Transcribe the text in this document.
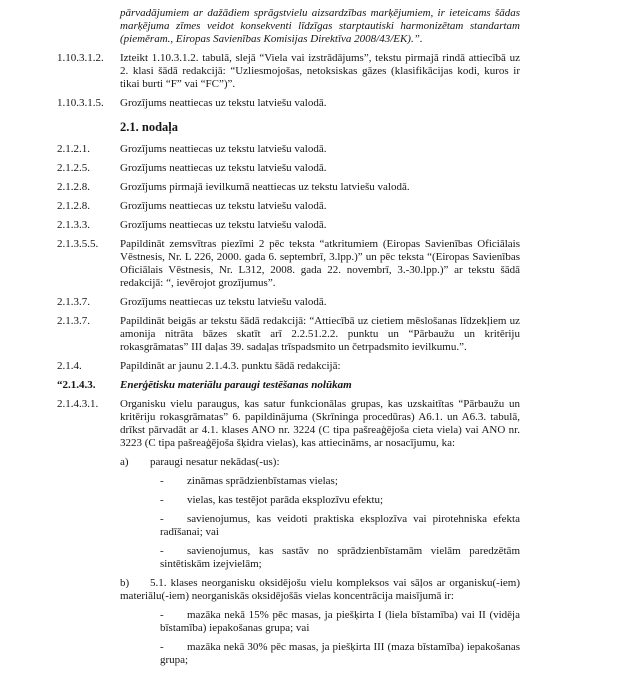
pārvadājumiem ar dažādiem sprāgstvielu aizsardzības marķējumiem, ir ieteicams šādas marķējuma zīmes veidot konsekventi līdzīgas starptautiski harmonizētam standartam (piemēram., Eiropas Savienības Komisijas Direktīva 2008/43/EK).”.
1.10.3.1.2.	Izteikt 1.10.3.1.2. tabulā, slejā “Viela vai izstrādājums”, tekstu pirmajā rindā attiecībā uz 2. klasi šādā redakcijā: “Uzliesmojošas, netoksiskas gāzes (klasifikācijas kodi, kuros ir tikai burti “F” vai “FC”)”.
1.10.3.1.5.	Grozījums neattiecas uz tekstu latviešu valodā.
2.1. nodaļa
2.1.2.1.	Grozījums neattiecas uz tekstu latviešu valodā.
2.1.2.5.	Grozījums neattiecas uz tekstu latviešu valodā.
2.1.2.8.	Grozījums pirmajā ievilkumā neattiecas uz tekstu latviešu valodā.
2.1.2.8.	Grozījums neattiecas uz tekstu latviešu valodā.
2.1.3.3.	Grozījums neattiecas uz tekstu latviešu valodā.
2.1.3.5.5.	Papildināt zemsvītras piezīmi 2 pēc teksta “atkritumiem (Eiropas Savienības Oficiālais Vēstnesis, Nr. L 226, 2000. gada 6. septembrī, 3.lpp.)” un pēc teksta “(Eiropas Savienības Oficiālais Vēstnesis, Nr. L312, 2008. gada 22. novembrī, 3.-30.lpp.)” ar tekstu šādā redakcijā: “, ievērojot grozījumus”.
2.1.3.7.	Grozījums neattiecas uz tekstu latviešu valodā.
2.1.3.7.	Papildināt beigās ar tekstu šādā redakcijā: “Attiecībā uz cietiem mēslošanas līdzekļiem uz amonija nitrāta bāzes skatīt arī 2.2.51.2.2. punktu un “Pārbaužu un kritēriju rokasgrāmatas” III daļas 39. sadaļas trīspadsmito un četrpadsmito ievilkumu.”.
2.1.4.	Papildināt ar jaunu 2.1.4.3. punktu šādā redakcijā:
“2.1.4.3.	Enerģētisku materiālu paraugi testēšanas nolūkam
2.1.4.3.1.	Organisku vielu paraugus, kas satur funkcionālas grupas, kas uzskaitītas “Pārbaužu un kritēriju rokasgrāmatas” 6. papildinājuma (Skrīninga procedūras) A6.1. un A6.3. tabulā, drīkst pārvadāt ar 4.1. klases ANO nr. 3224 (C tipa pašreaģējoša cieta viela) vai ANO nr. 3223 (C tipa pašreaģējoša šķidra vielas), kas attiecināms, ar nosacījumu, ka:
a) paraugi nesatur nekādas(-us):
- zināmas sprādzienbīstamas vielas;
- vielas, kas testējot parāda eksplozīvu efektu;
- savienojumus, kas veidoti praktiska eksplozīva vai pirotehniska efekta radīšanai; vai
- savienojumus, kas sastāv no sprādzienbīstamām vielām paredzētām sintētiskām izejvielām;
b) 5.1. klases neorganisku oksidējošu vielu kompleksos vai sāļos ar organisku(-iem) materiālu(-iem) neorganiskās oksidējošās vielas koncentrācija maisījumā ir:
- mazāka nekā 15% pēc masas, ja piešķirta I (liela bīstamība) vai II (vidēja bīstamība) iepakošanas grupa; vai
- mazāka nekā 30% pēc masas, ja piešķirta III (maza bīstamība) iepakošanas grupa;
